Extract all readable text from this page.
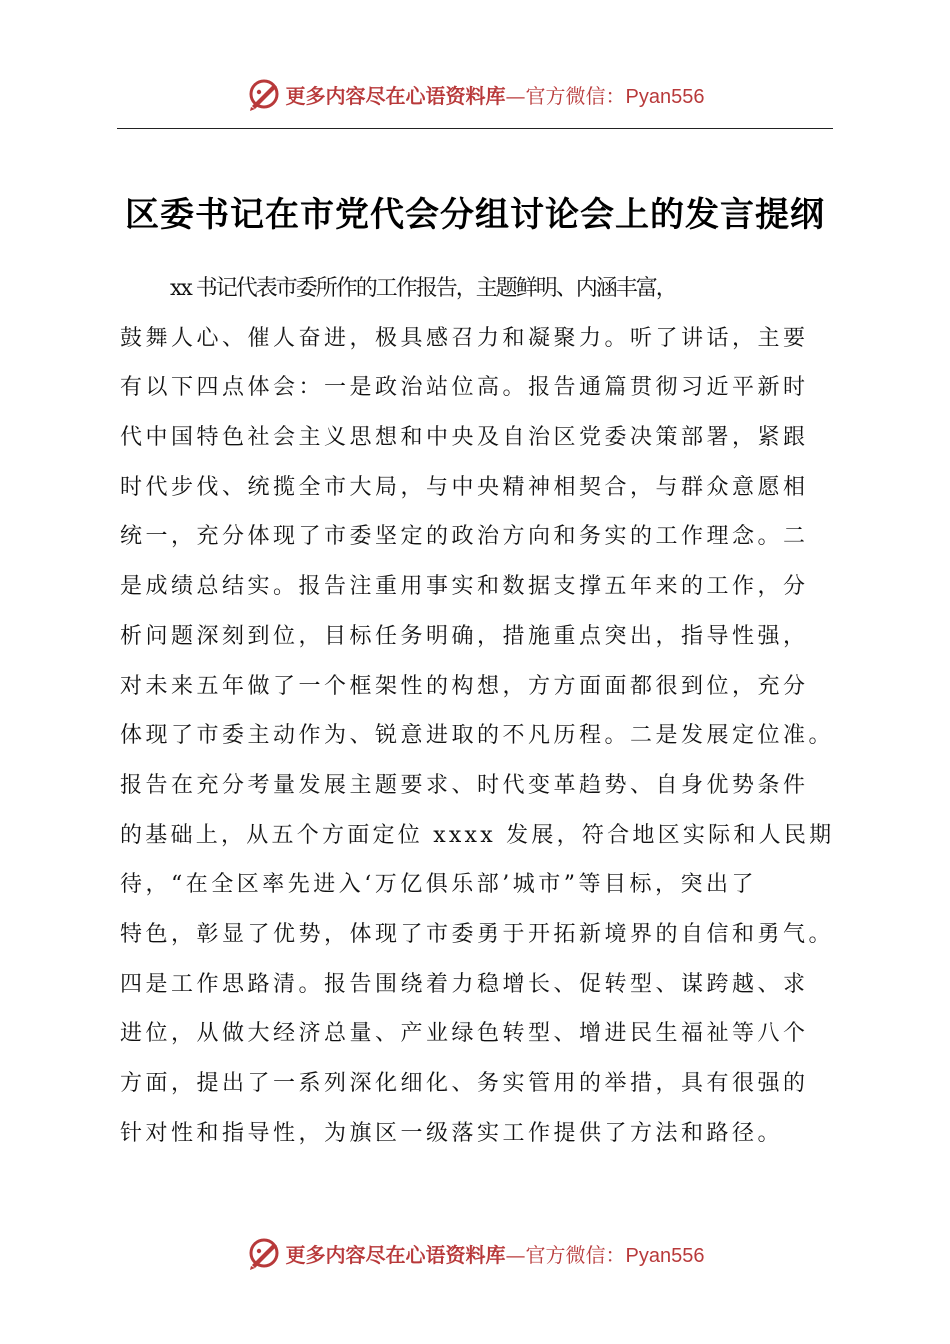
更多内容尽在心语资料库—官方微信：Pyan556
区委书记在市党代会分组讨论会上的发言提纲
xx 书记代表市委所作的工作报告，主题鲜明、内涵丰富，
鼓舞人心、催人奋进，极具感召力和凝聚力。听了讲话，主要
有以下四点体会：一是政治站位高。报告通篇贯彻习近平新时
代中国特色社会主义思想和中央及自治区党委决策部署，紧跟
时代步伐、统揽全市大局，与中央精神相契合，与群众意愿相
统一，充分体现了市委坚定的政治方向和务实的工作理念。二
是成绩总结实。报告注重用事实和数据支撑五年来的工作，分
析问题深刻到位，目标任务明确，措施重点突出，指导性强，
对未来五年做了一个框架性的构想，方方面面都很到位，充分
体现了市委主动作为、锐意进取的不凡历程。二是发展定位准。
报告在充分考量发展主题要求、时代变革趋势、自身优势条件
的基础上，从五个方面定位 xxxx 发展，符合地区实际和人民期
待，“在全区率先进入‘万亿俱乐部’城市”等目标，突出了
特色，彰显了优势，体现了市委勇于开拓新境界的自信和勇气。
四是工作思路清。报告围绕着力稳增长、促转型、谋跨越、求
进位，从做大经济总量、产业绿色转型、增进民生福祉等八个
方面，提出了一系列深化细化、务实管用的举措，具有很强的
针对性和指导性，为旗区一级落实工作提供了方法和路径。
更多内容尽在心语资料库—官方微信：Pyan556
